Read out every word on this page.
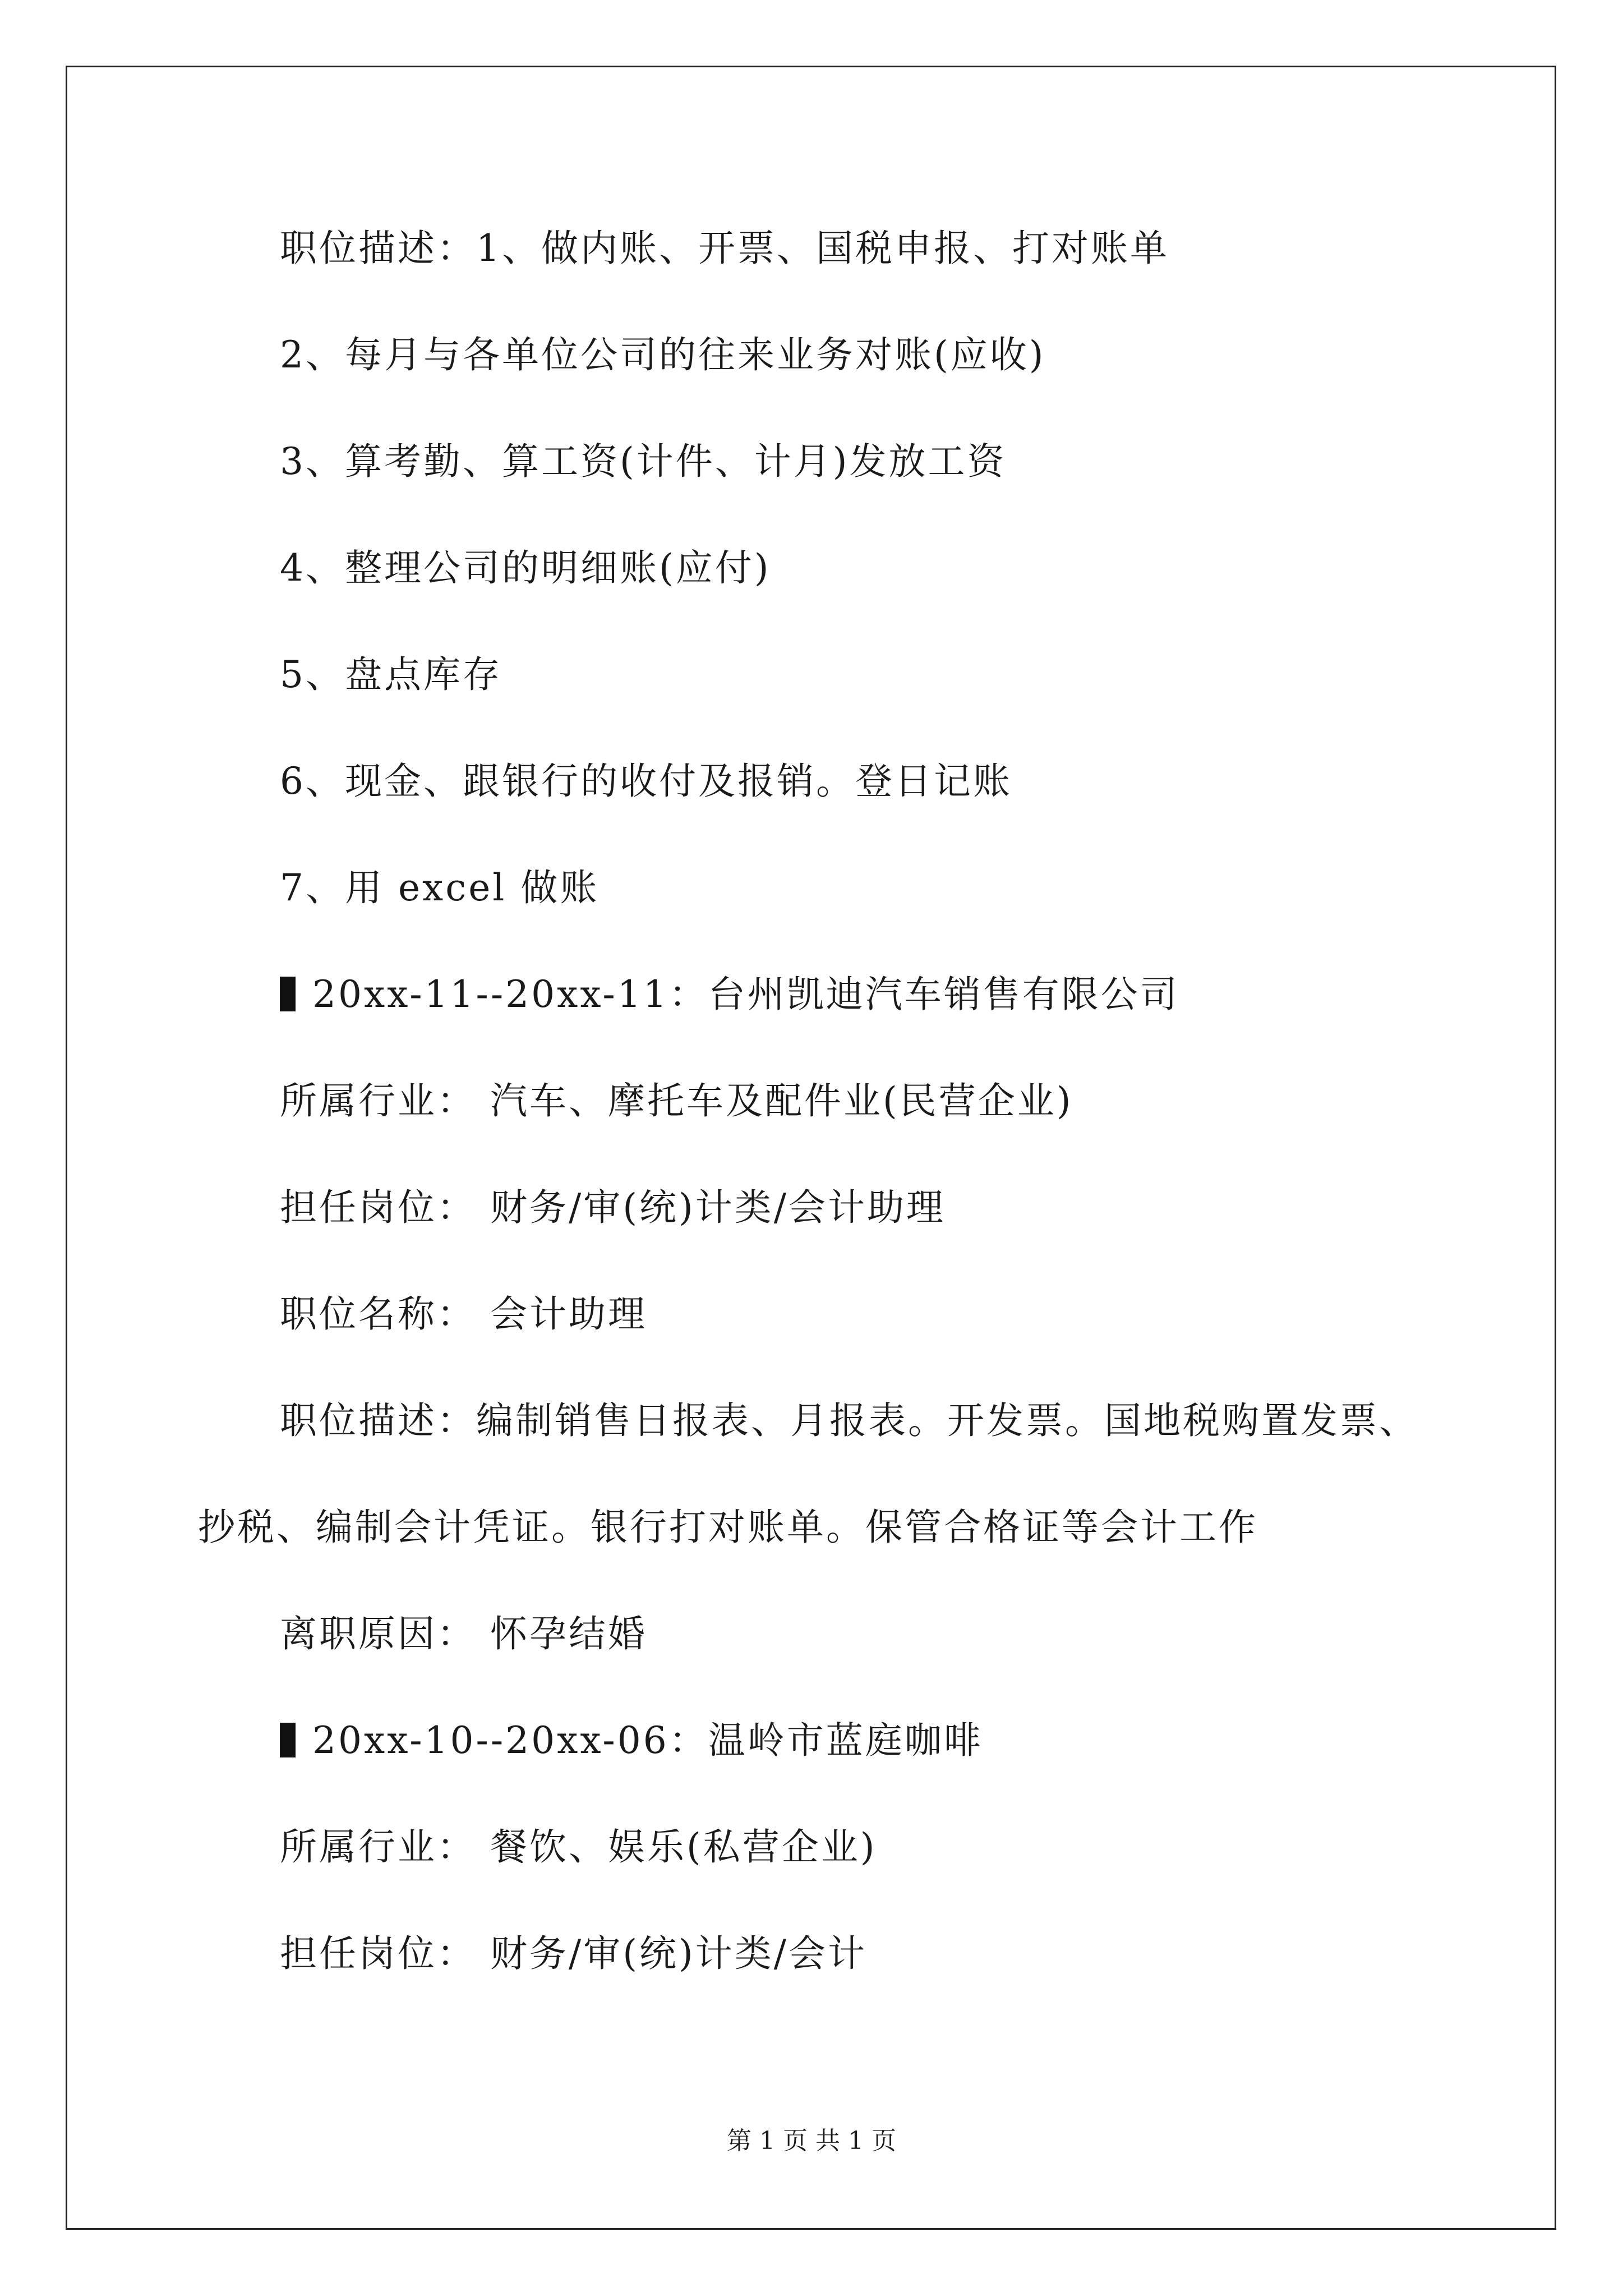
职位描述：1、做内账、开票、国税申报、打对账单
2、每月与各单位公司的往来业务对账(应收)
3、算考勤、算工资(计件、计月)发放工资
4、整理公司的明细账(应付)
5、盘点库存
6、现金、跟银行的收付及报销。登日记账
7、用 excel 做账
20xx-11--20xx-11：台州凯迪汽车销售有限公司
所属行业： 汽车、摩托车及配件业(民营企业)
担任岗位： 财务/审(统)计类/会计助理
职位名称： 会计助理
职位描述：编制销售日报表、月报表。开发票。国地税购置发票、
抄税、编制会计凭证。银行打对账单。保管合格证等会计工作
离职原因： 怀孕结婚
20xx-10--20xx-06：温岭市蓝庭咖啡
所属行业： 餐饮、娱乐(私营企业)
担任岗位： 财务/审(统)计类/会计
第 1 页 共 1 页
